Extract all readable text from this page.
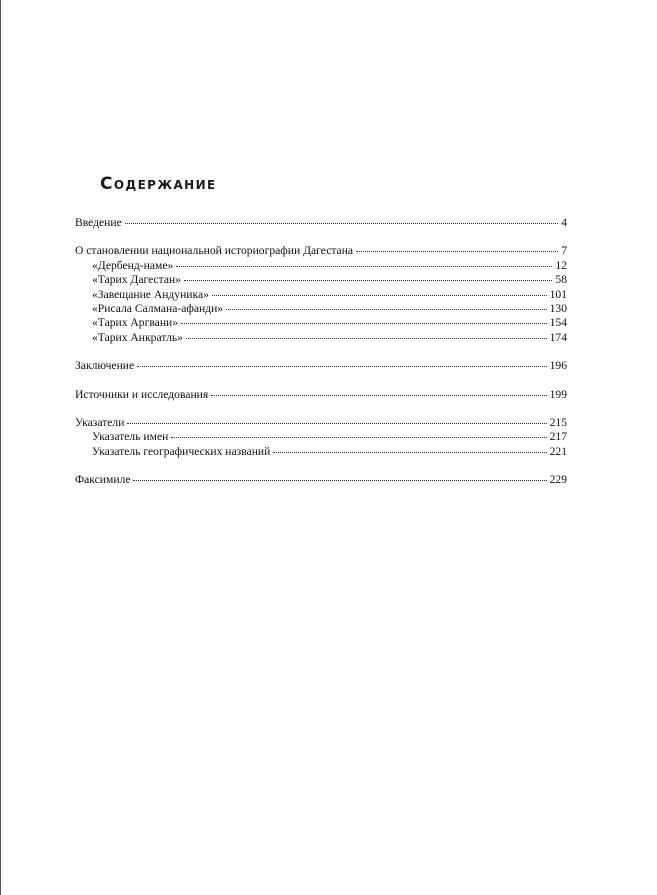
Содержание
Введение	4
О становлении национальной историографии Дагестана	7
«Дербенд-наме»	12
«Тарих Дагестан»	58
«Завещание Андуника»	101
«Рисала Салмана-афанди»	130
«Тарих Аргвани»	154
«Тарих Анкратль»	174
Заключение	196
Источники и исследования	199
Указатели	215
Указатель имен	217
Указатель географических названий	221
Факсимиле	229
